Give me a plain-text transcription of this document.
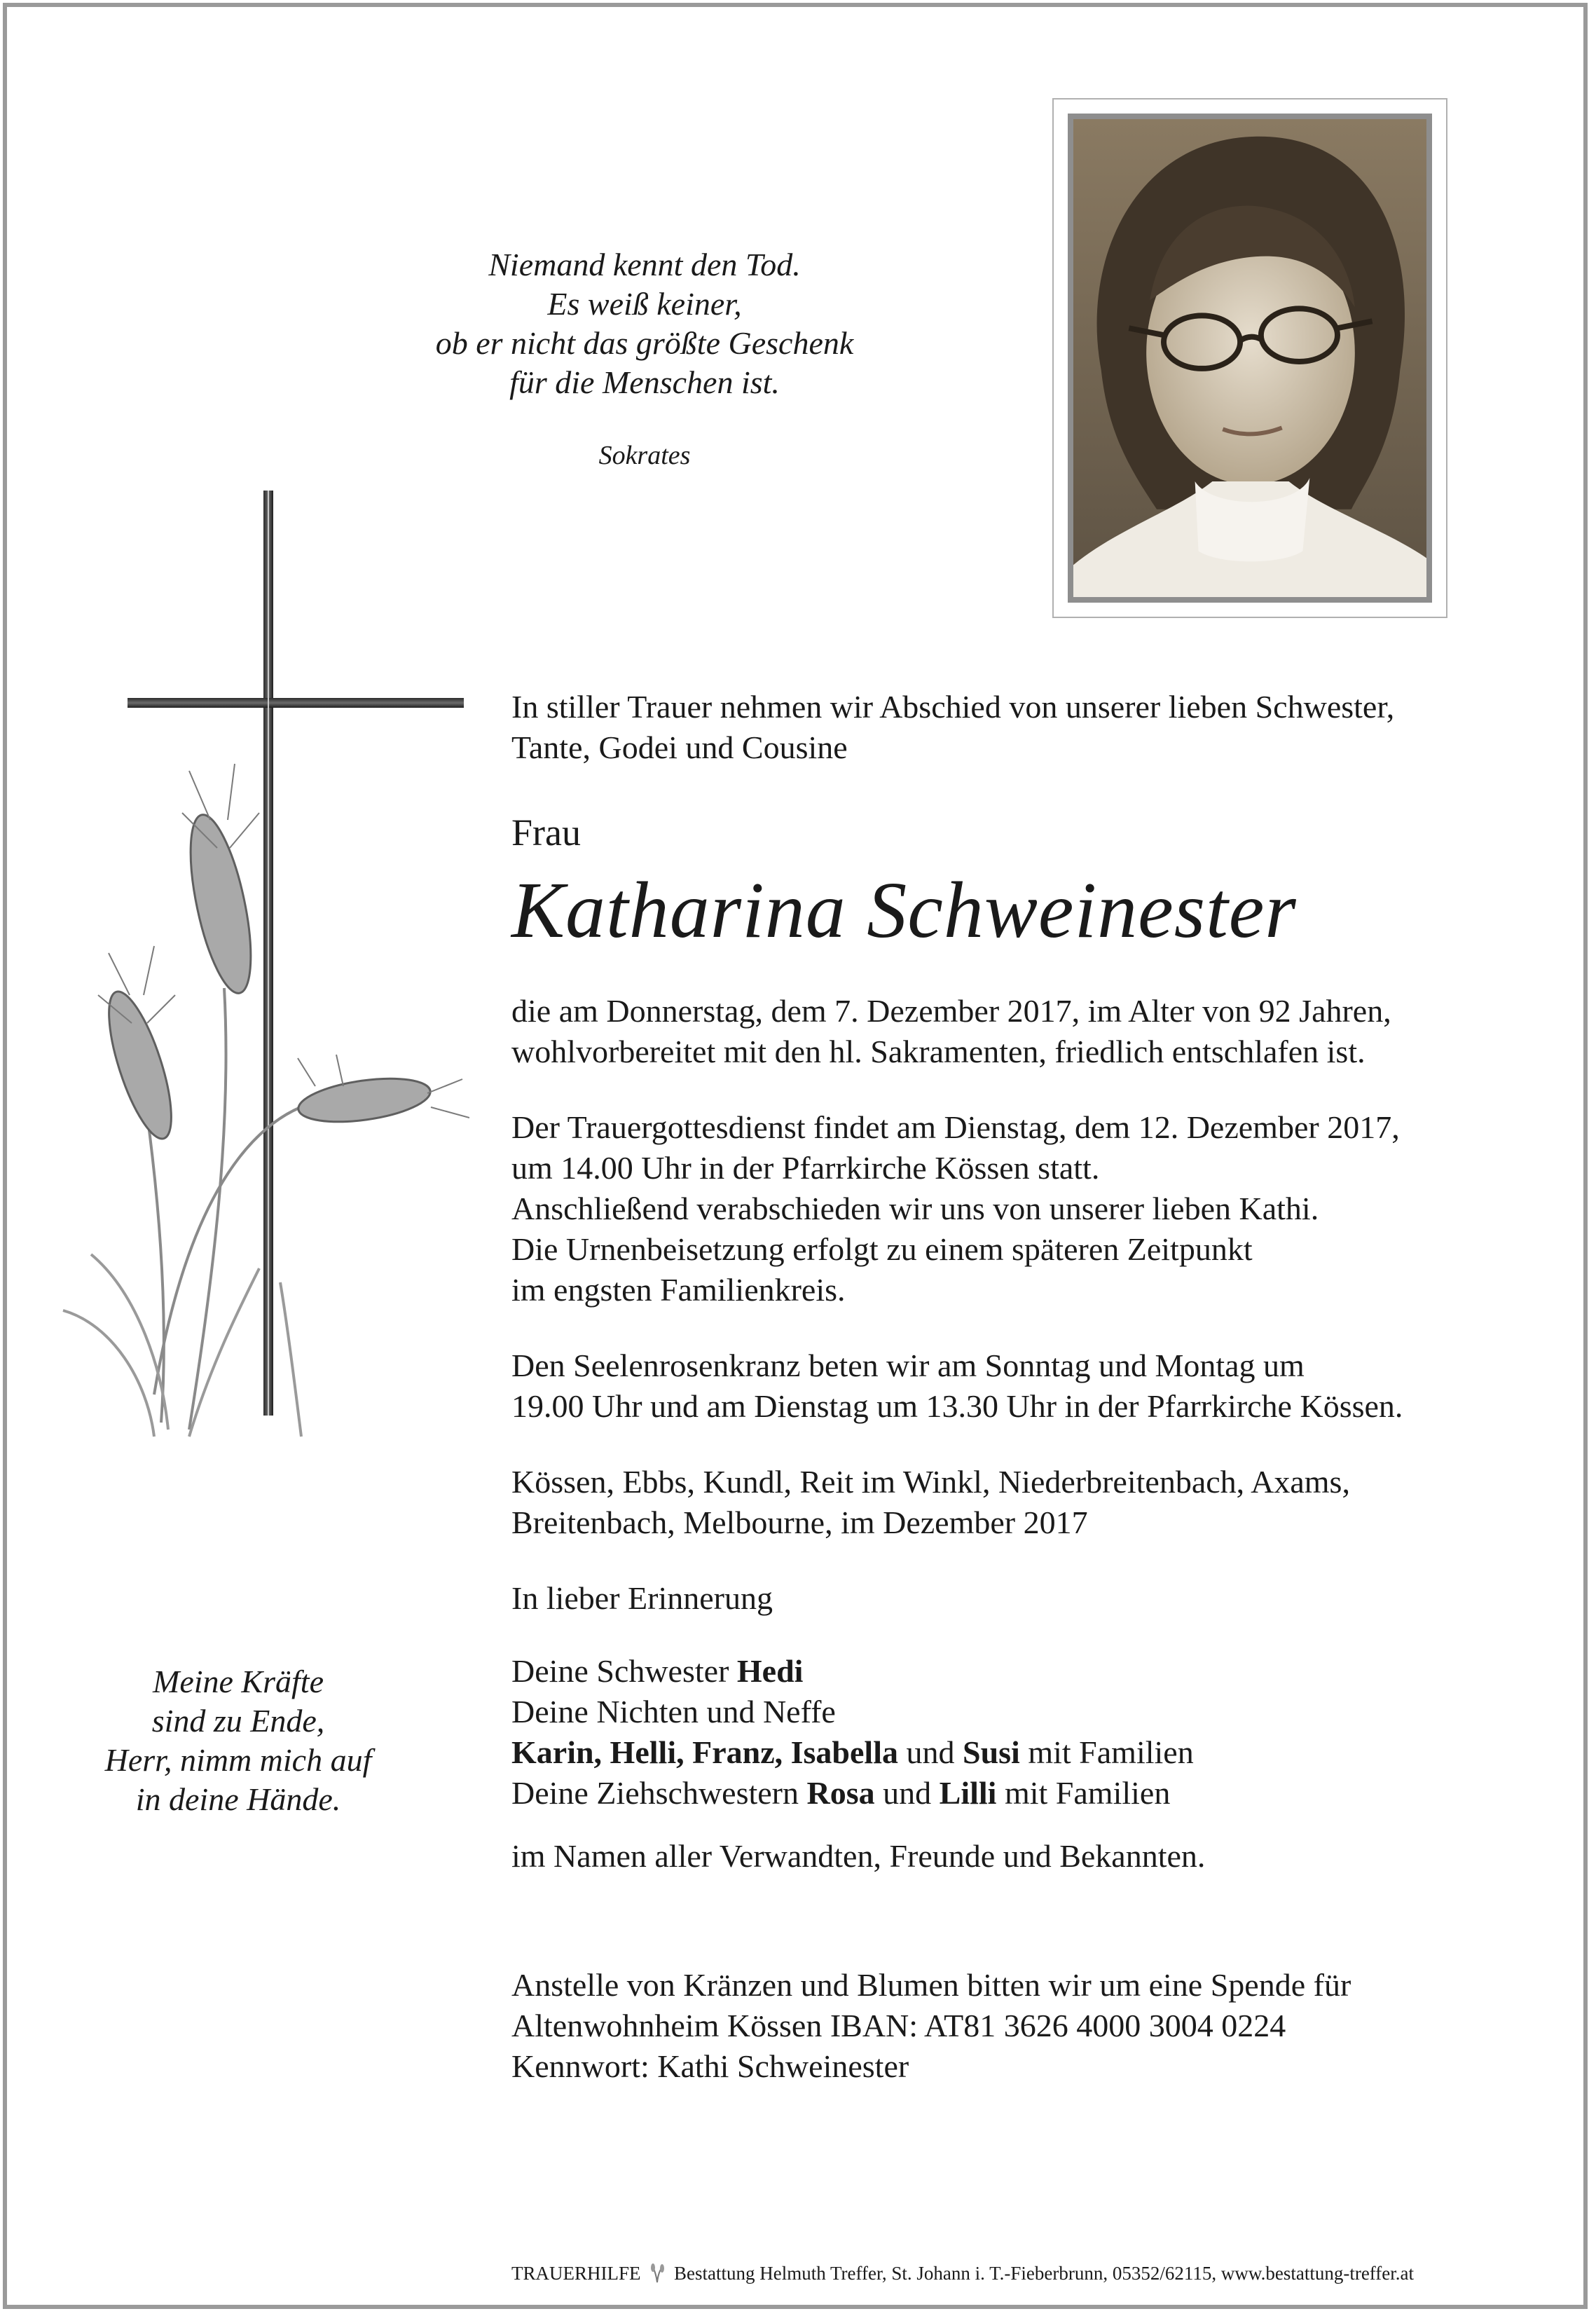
Niemand kennt den Tod.
Es weiß keiner,
ob er nicht das größte Geschenk
für die Menschen ist.
Sokrates
Meine Kräfte
sind zu Ende,
Herr, nimm mich auf
in deine Hände.

In stiller Trauer nehmen wir Abschied von unserer lieben Schwester,
Tante, Godei und Cousine

Frau

Katharina Schweinester

die am Donnerstag, dem 7. Dezember 2017, im Alter von 92 Jahren,
wohlvorbereitet mit den hl. Sakramenten, friedlich entschlafen ist.

Der Trauergottesdienst findet am Dienstag, dem 12. Dezember 2017,
um 14.00 Uhr in der Pfarrkirche Kössen statt.
Anschließend verabschieden wir uns von unserer lieben Kathi.
Die Urnenbeisetzung erfolgt zu einem späteren Zeitpunkt
im engsten Familienkreis.

Den Seelenrosenkranz beten wir am Sonntag und Montag um
19.00 Uhr und am Dienstag um 13.30 Uhr in der Pfarrkirche Kössen.

Kössen, Ebbs, Kundl, Reit im Winkl, Niederbreitenbach, Axams,
Breitenbach, Melbourne, im Dezember 2017

In lieber Erinnerung

Deine Schwester Hedi
Deine Nichten und Neffe
Karin, Helli, Franz, Isabella und Susi mit Familien
Deine Ziehschwestern Rosa und Lilli mit Familien

im Namen aller Verwandten, Freunde und Bekannten.

Anstelle von Kränzen und Blumen bitten wir um eine Spende für
Altenwohnheim Kössen IBAN: AT81 3626 4000 3004 0224
Kennwort: Kathi Schweinester

TRAUERHILFE Bestattung Helmuth Treffer, St. Johann i. T.-Fieberbrunn, 05352/62115, www.bestattung-treffer.at
